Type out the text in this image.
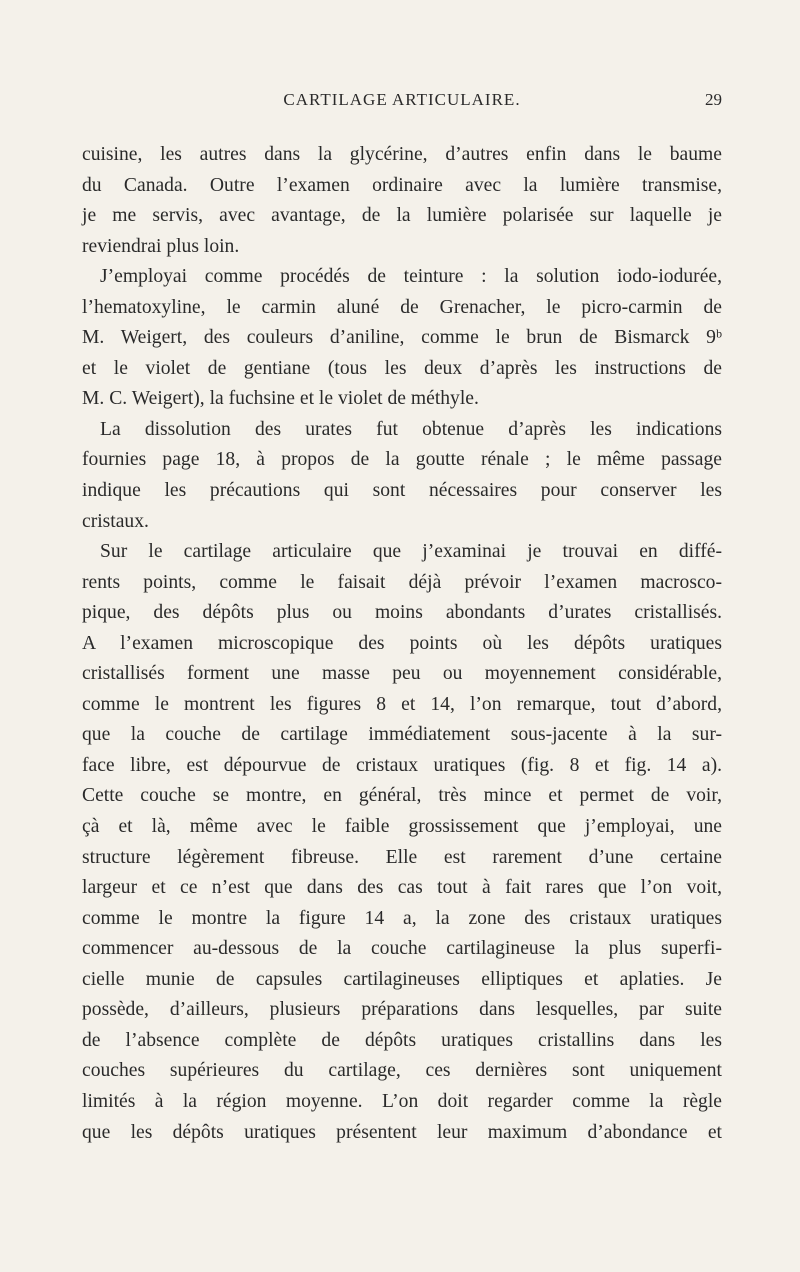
CARTILAGE ARTICULAIRE.	29
cuisine, les autres dans la glycérine, d’autres enfin dans le baume
du Canada. Outre l’examen ordinaire avec la lumière transmise,
je me servis, avec avantage, de la lumière polarisée sur laquelle je
reviendrai plus loin.
J’employai comme procédés de teinture : la solution iodo-iodurée,
l’hematoxyline, le carmin aluné de Grenacher, le picro-carmin de
M. Weigert, des couleurs d’aniline, comme le brun de Bismarck 9ᵇ
et le violet de gentiane (tous les deux d’après les instructions de
M. C. Weigert), la fuchsine et le violet de méthyle.
La dissolution des urates fut obtenue d’après les indications
fournies page 18, à propos de la goutte rénale ; le même passage
indique les précautions qui sont nécessaires pour conserver les
cristaux.
Sur le cartilage articulaire que j’examinai je trouvai en diffé-
rents points, comme le faisait déjà prévoir l’examen macrosco-
pique, des dépôts plus ou moins abondants d’urates cristallisés.
A l’examen microscopique des points où les dépôts uratiques
cristallisés forment une masse peu ou moyennement considérable,
comme le montrent les figures 8 et 14, l’on remarque, tout d’abord,
que la couche de cartilage immédiatement sous-jacente à la sur-
face libre, est dépourvue de cristaux uratiques (fig. 8 et fig. 14 a).
Cette couche se montre, en général, très mince et permet de voir,
çà et là, même avec le faible grossissement que j’employai, une
structure légèrement fibreuse. Elle est rarement d’une certaine
largeur et ce n’est que dans des cas tout à fait rares que l’on voit,
comme le montre la figure 14 a, la zone des cristaux uratiques
commencer au-dessous de la couche cartilagineuse la plus superfi-
cielle munie de capsules cartilagineuses elliptiques et aplaties. Je
possède, d’ailleurs, plusieurs préparations dans lesquelles, par suite
de l’absence complète de dépôts uratiques cristallins dans les
couches supérieures du cartilage, ces dernières sont uniquement
limités à la région moyenne. L’on doit regarder comme la règle
que les dépôts uratiques présentent leur maximum d’abondance et
